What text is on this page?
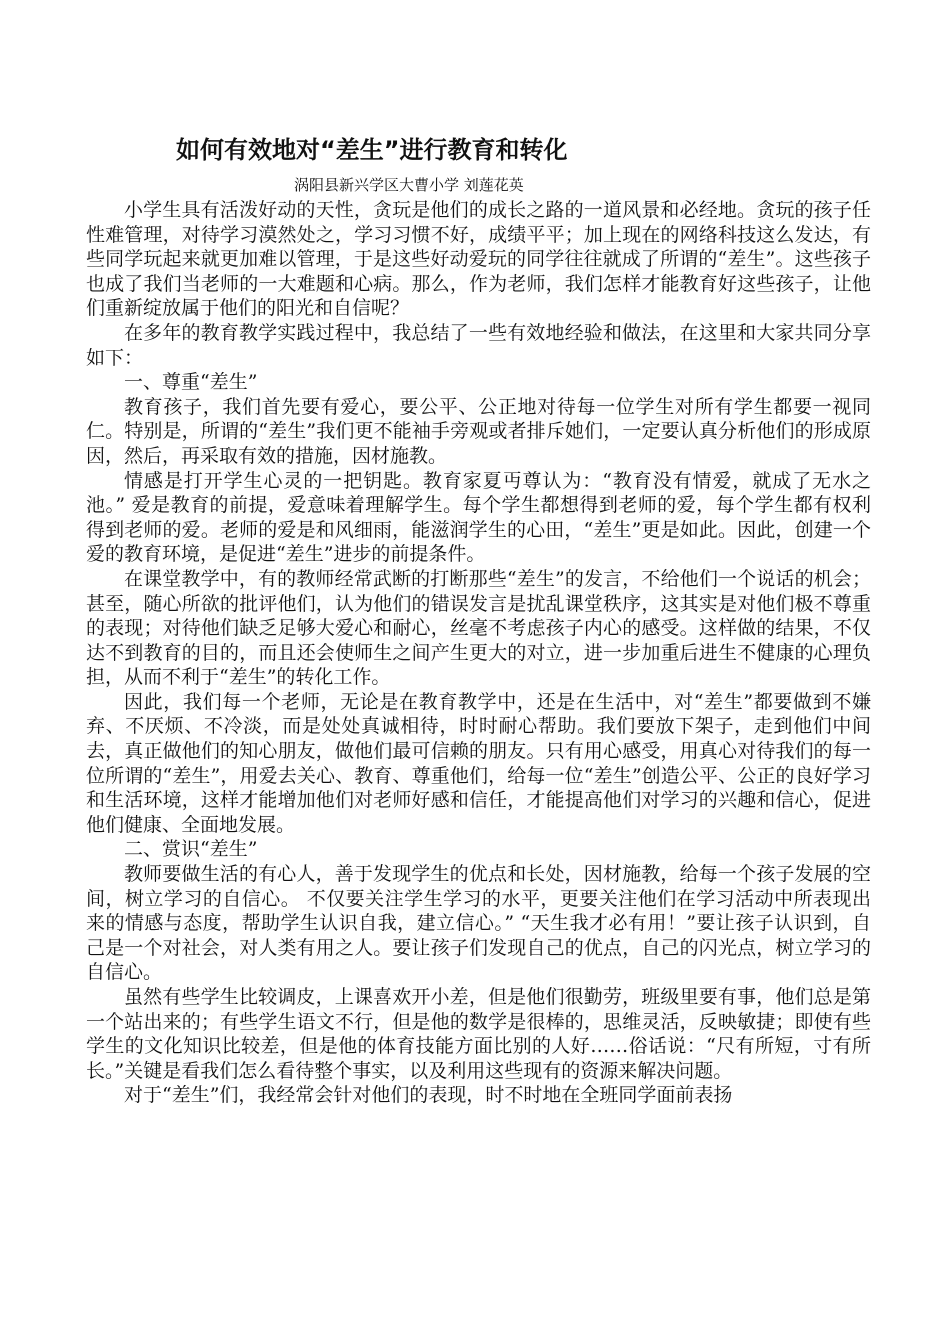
如何有效地对“差生”进行教育和转化
涡阳县新兴学区大曹小学 刘莲花英

小学生具有活泼好动的天性，贪玩是他们的成长之路的一道风景和必经地。贪玩的孩子任性难管理，对待学习漠然处之，学习习惯不好，成绩平平；加上现在的网络科技这么发达，有些同学玩起来就更加难以管理，于是这些好动爱玩的同学往往就成了所谓的“差生”。这些孩子也成了我们当老师的一大难题和心病。那么，作为老师，我们怎样才能教育好这些孩子，让他们重新绽放属于他们的阳光和自信呢？

在多年的教育教学实践过程中，我总结了一些有效地经验和做法，在这里和大家共同分享如下：

一、尊重“差生”

教育孩子，我们首先要有爱心，要公平、公正地对待每一位学生对所有学生都要一视同仁。特别是，所谓的“差生”我们更不能袖手旁观或者排斥她们，一定要认真分析他们的形成原因，然后，再采取有效的措施，因材施教。

情感是打开学生心灵的一把钥匙。教育家夏丏尊认为：“教育没有情爱，就成了无水之池。” 爱是教育的前提，爱意味着理解学生。每个学生都想得到老师的爱，每个学生都有权利得到老师的爱。老师的爱是和风细雨，能滋润学生的心田，“差生”更是如此。因此，创建一个爱的教育环境，是促进“差生”进步的前提条件。

在课堂教学中，有的教师经常武断的打断那些“差生”的发言，不给他们一个说话的机会；甚至，随心所欲的批评他们，认为他们的错误发言是扰乱课堂秩序，这其实是对他们极不尊重的表现；对待他们缺乏足够大爱心和耐心，丝毫不考虑孩子内心的感受。这样做的结果，不仅达不到教育的目的，而且还会使师生之间产生更大的对立，进一步加重后进生不健康的心理负担，从而不利于“差生”的转化工作。

因此，我们每一个老师，无论是在教育教学中，还是在生活中，对“差生”都要做到不嫌弃、不厌烦、不冷淡，而是处处真诚相待，时时耐心帮助。我们要放下架子，走到他们中间去，真正做他们的知心朋友，做他们最可信赖的朋友。只有用心感受，用真心对待我们的每一位所谓的“差生”，用爱去关心、教育、尊重他们，给每一位“差生”创造公平、公正的良好学习和生活环境，这样才能增加他们对老师好感和信任，才能提高他们对学习的兴趣和信心，促进他们健康、全面地发展。

二、赏识“差生”

教师要做生活的有心人，善于发现学生的优点和长处，因材施教，给每一个孩子发展的空间，树立学习的自信心。 不仅要关注学生学习的水平，更要关注他们在学习活动中所表现出来的情感与态度，帮助学生认识自我，建立信心。” “天生我才必有用！”要让孩子认识到，自己是一个对社会，对人类有用之人。要让孩子们发现自己的优点，自己的闪光点，树立学习的自信心。

虽然有些学生比较调皮，上课喜欢开小差，但是他们很勤劳，班级里要有事，他们总是第一个站出来的；有些学生语文不行，但是他的数学是很棒的，思维灵活，反映敏捷；即使有些学生的文化知识比较差，但是他的体育技能方面比别的人好……俗话说：“尺有所短，寸有所长。”关键是看我们怎么看待整个事实，以及利用这些现有的资源来解决问题。

对于“差生”们，我经常会针对他们的表现，时不时地在全班同学面前表扬
